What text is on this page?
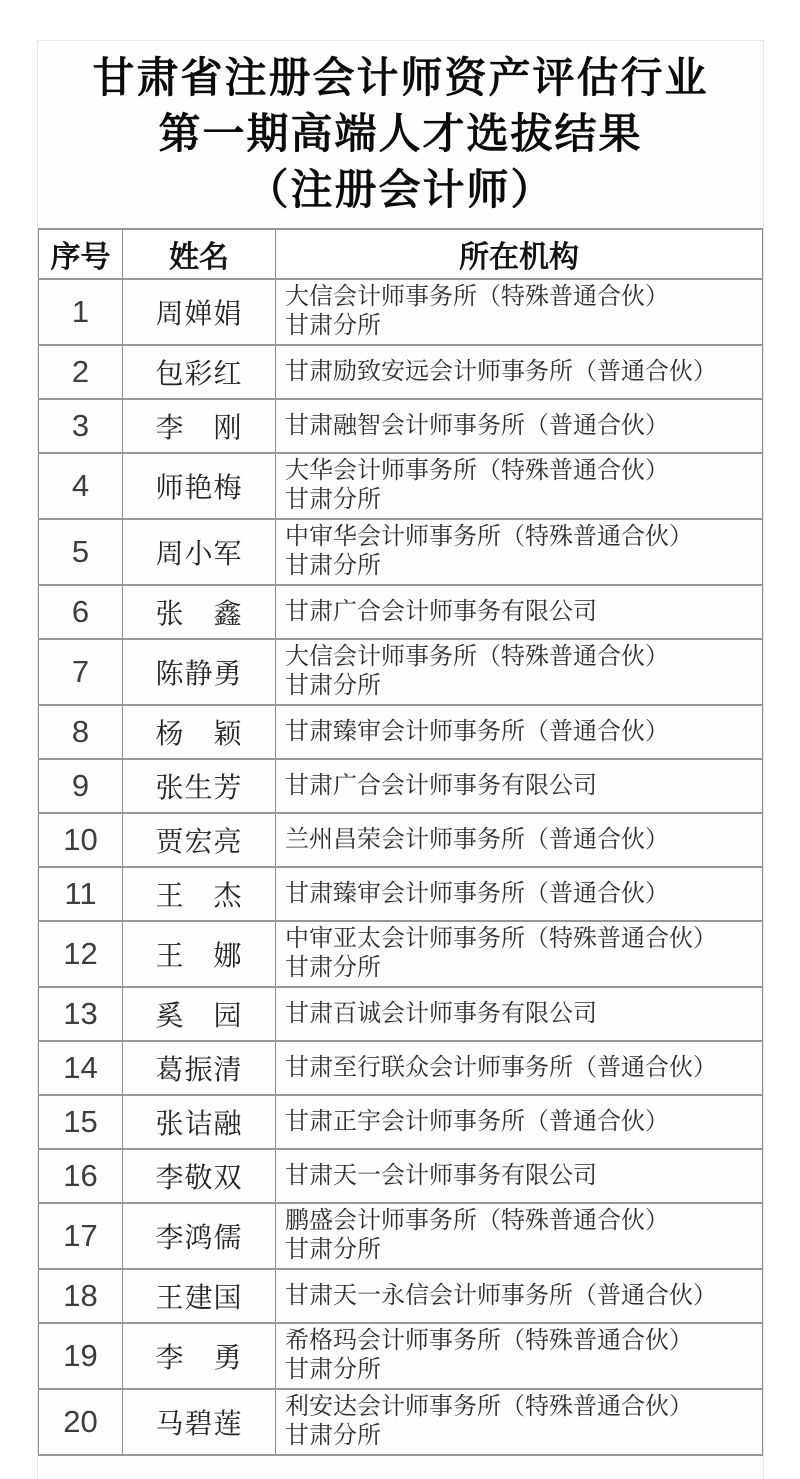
甘肃省注册会计师资产评估行业
第一期高端人才选拔结果
（注册会计师）
序号	姓名	所在机构
1	周婵娟	大信会计师事务所（特殊普通合伙）
甘肃分所

2	包彩红	甘肃励致安远会计师事务所（普通合伙）

3	李　刚	甘肃融智会计师事务所（普通合伙）

4	师艳梅	大华会计师事务所（特殊普通合伙）
甘肃分所

5	周小军	中审华会计师事务所（特殊普通合伙）
甘肃分所

6	张　鑫	甘肃广合会计师事务有限公司

7	陈静勇	大信会计师事务所（特殊普通合伙）
甘肃分所

8	杨　颖	甘肃臻审会计师事务所（普通合伙）

9	张生芳	甘肃广合会计师事务有限公司

10	贾宏亮	兰州昌荣会计师事务所（普通合伙）

11	王　杰	甘肃臻审会计师事务所（普通合伙）

12	王　娜	中审亚太会计师事务所（特殊普通合伙）
甘肃分所

13	奚　园	甘肃百诚会计师事务有限公司

14	葛振清	甘肃至行联众会计师事务所（普通合伙）

15	张诘融	甘肃正宇会计师事务所（普通合伙）

16	李敬双	甘肃天一会计师事务有限公司

17	李鸿儒	鹏盛会计师事务所（特殊普通合伙）
甘肃分所

18	王建国	甘肃天一永信会计师事务所（普通合伙）

19	李　勇	希格玛会计师事务所（特殊普通合伙）
甘肃分所

20	马碧莲	利安达会计师事务所（特殊普通合伙）
甘肃分所
